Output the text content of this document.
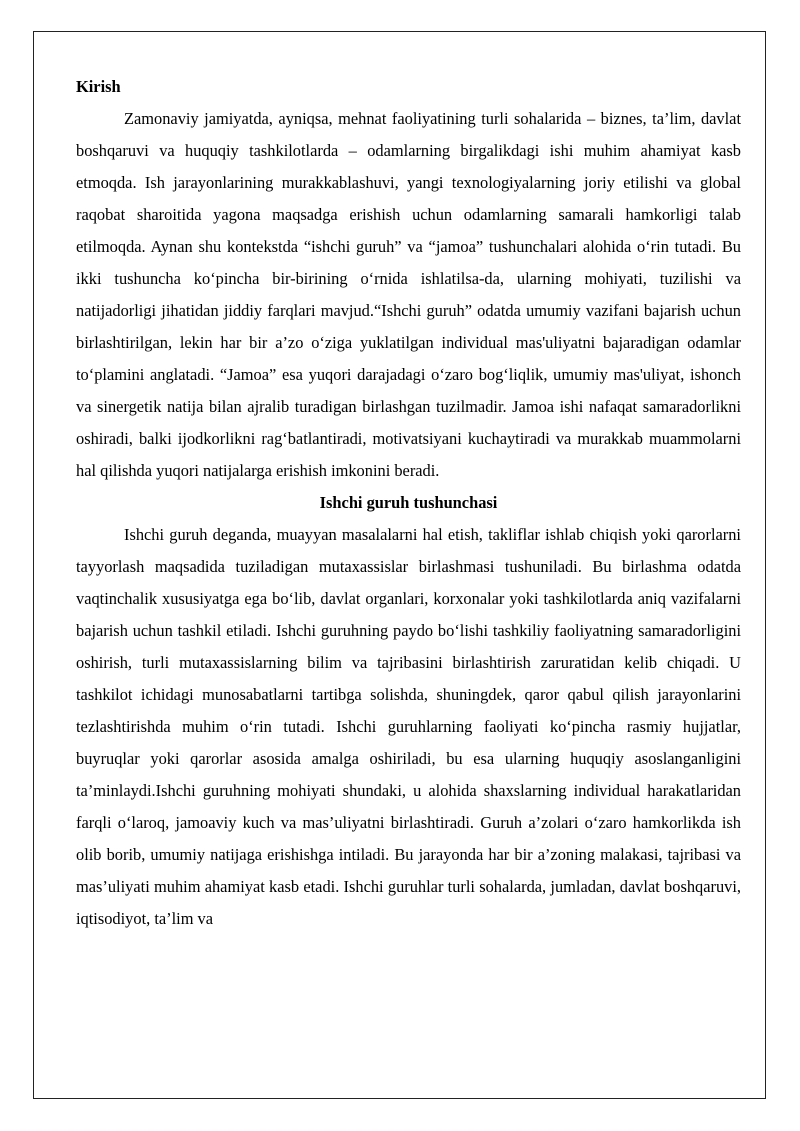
Kirish

Zamonaviy jamiyatda, ayniqsa, mehnat faoliyatining turli sohalarida – biznes, ta’lim, davlat boshqaruvi va huquqiy tashkilotlarda – odamlarning birgalikdagi ishi muhim ahamiyat kasb etmoqda. Ish jarayonlarining murakkablashuvi, yangi texnologiyalarning joriy etilishi va global raqobat sharoitida yagona maqsadga erishish uchun odamlarning samarali hamkorligi talab etilmoqda. Aynan shu kontekstda “ishchi guruh” va “jamoa” tushunchalari alohida o‘rin tutadi. Bu ikki tushuncha ko‘pincha bir-birining o‘rnida ishlatilsa-da, ularning mohiyati, tuzilishi va natijadorligi jihatidan jiddiy farqlari mavjud.“Ishchi guruh” odatda umumiy vazifani bajarish uchun birlashtirilgan, lekin har bir a’zo o‘ziga yuklatilgan individual mas'uliyatni bajaradigan odamlar to‘plamini anglatadi. “Jamoa” esa yuqori darajadagi o‘zaro bog‘liqlik, umumiy mas'uliyat, ishonch va sinergetik natija bilan ajralib turadigan birlashgan tuzilmadir. Jamoa ishi nafaqat samaradorlikni oshiradi, balki ijodkorlikni rag‘batlantiradi, motivatsiyani kuchaytiradi va murakkab muammolarni hal qilishda yuqori natijalarga erishish imkonini beradi.

Ishchi guruh tushunchasi

Ishchi guruh deganda, muayyan masalalarni hal etish, takliflar ishlab chiqish yoki qarorlarni tayyorlash maqsadida tuziladigan mutaxassislar birlashmasi tushuniladi. Bu birlashma odatda vaqtinchalik xususiyatga ega bo‘lib, davlat organlari, korxonalar yoki tashkilotlarda aniq vazifalarni bajarish uchun tashkil etiladi. Ishchi guruhning paydo bo‘lishi tashkiliy faoliyatning samaradorligini oshirish, turli mutaxassislarning bilim va tajribasini birlashtirish zaruratidan kelib chiqadi. U tashkilot ichidagi munosabatlarni tartibga solishda, shuningdek, qaror qabul qilish jarayonlarini tezlashtirishda muhim o‘rin tutadi. Ishchi guruhlarning faoliyati ko‘pincha rasmiy hujjatlar, buyruqlar yoki qarorlar asosida amalga oshiriladi, bu esa ularning huquqiy asoslanganligini ta’minlaydi.Ishchi guruhning mohiyati shundaki, u alohida shaxslarning individual harakatlaridan farqli o‘laroq, jamoaviy kuch va mas’uliyatni birlashtiradi. Guruh a’zolari o‘zaro hamkorlikda ish olib borib, umumiy natijaga erishishga intiladi. Bu jarayonda har bir a’zoning malakasi, tajribasi va mas’uliyati muhim ahamiyat kasb etadi. Ishchi guruhlar turli sohalarda, jumladan, davlat boshqaruvi, iqtisodiyot, ta’lim va
